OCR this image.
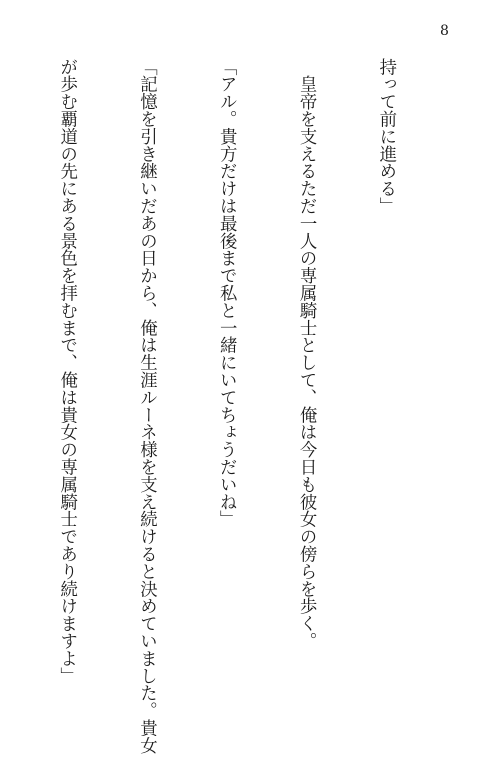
8

持って前に進める」

　皇帝を支えるただ一人の専属騎士として、俺は今日も彼女の傍らを歩く。

「アル。貴方だけは最後まで私と一緒にいてちょうだいね」

「記憶を引き継いだあの日から、俺は生涯ルーネ様を支え続けると決めていました。貴女

が歩む覇道の先にある景色を拝むまで、俺は貴女の専属騎士であり続けますよ」
